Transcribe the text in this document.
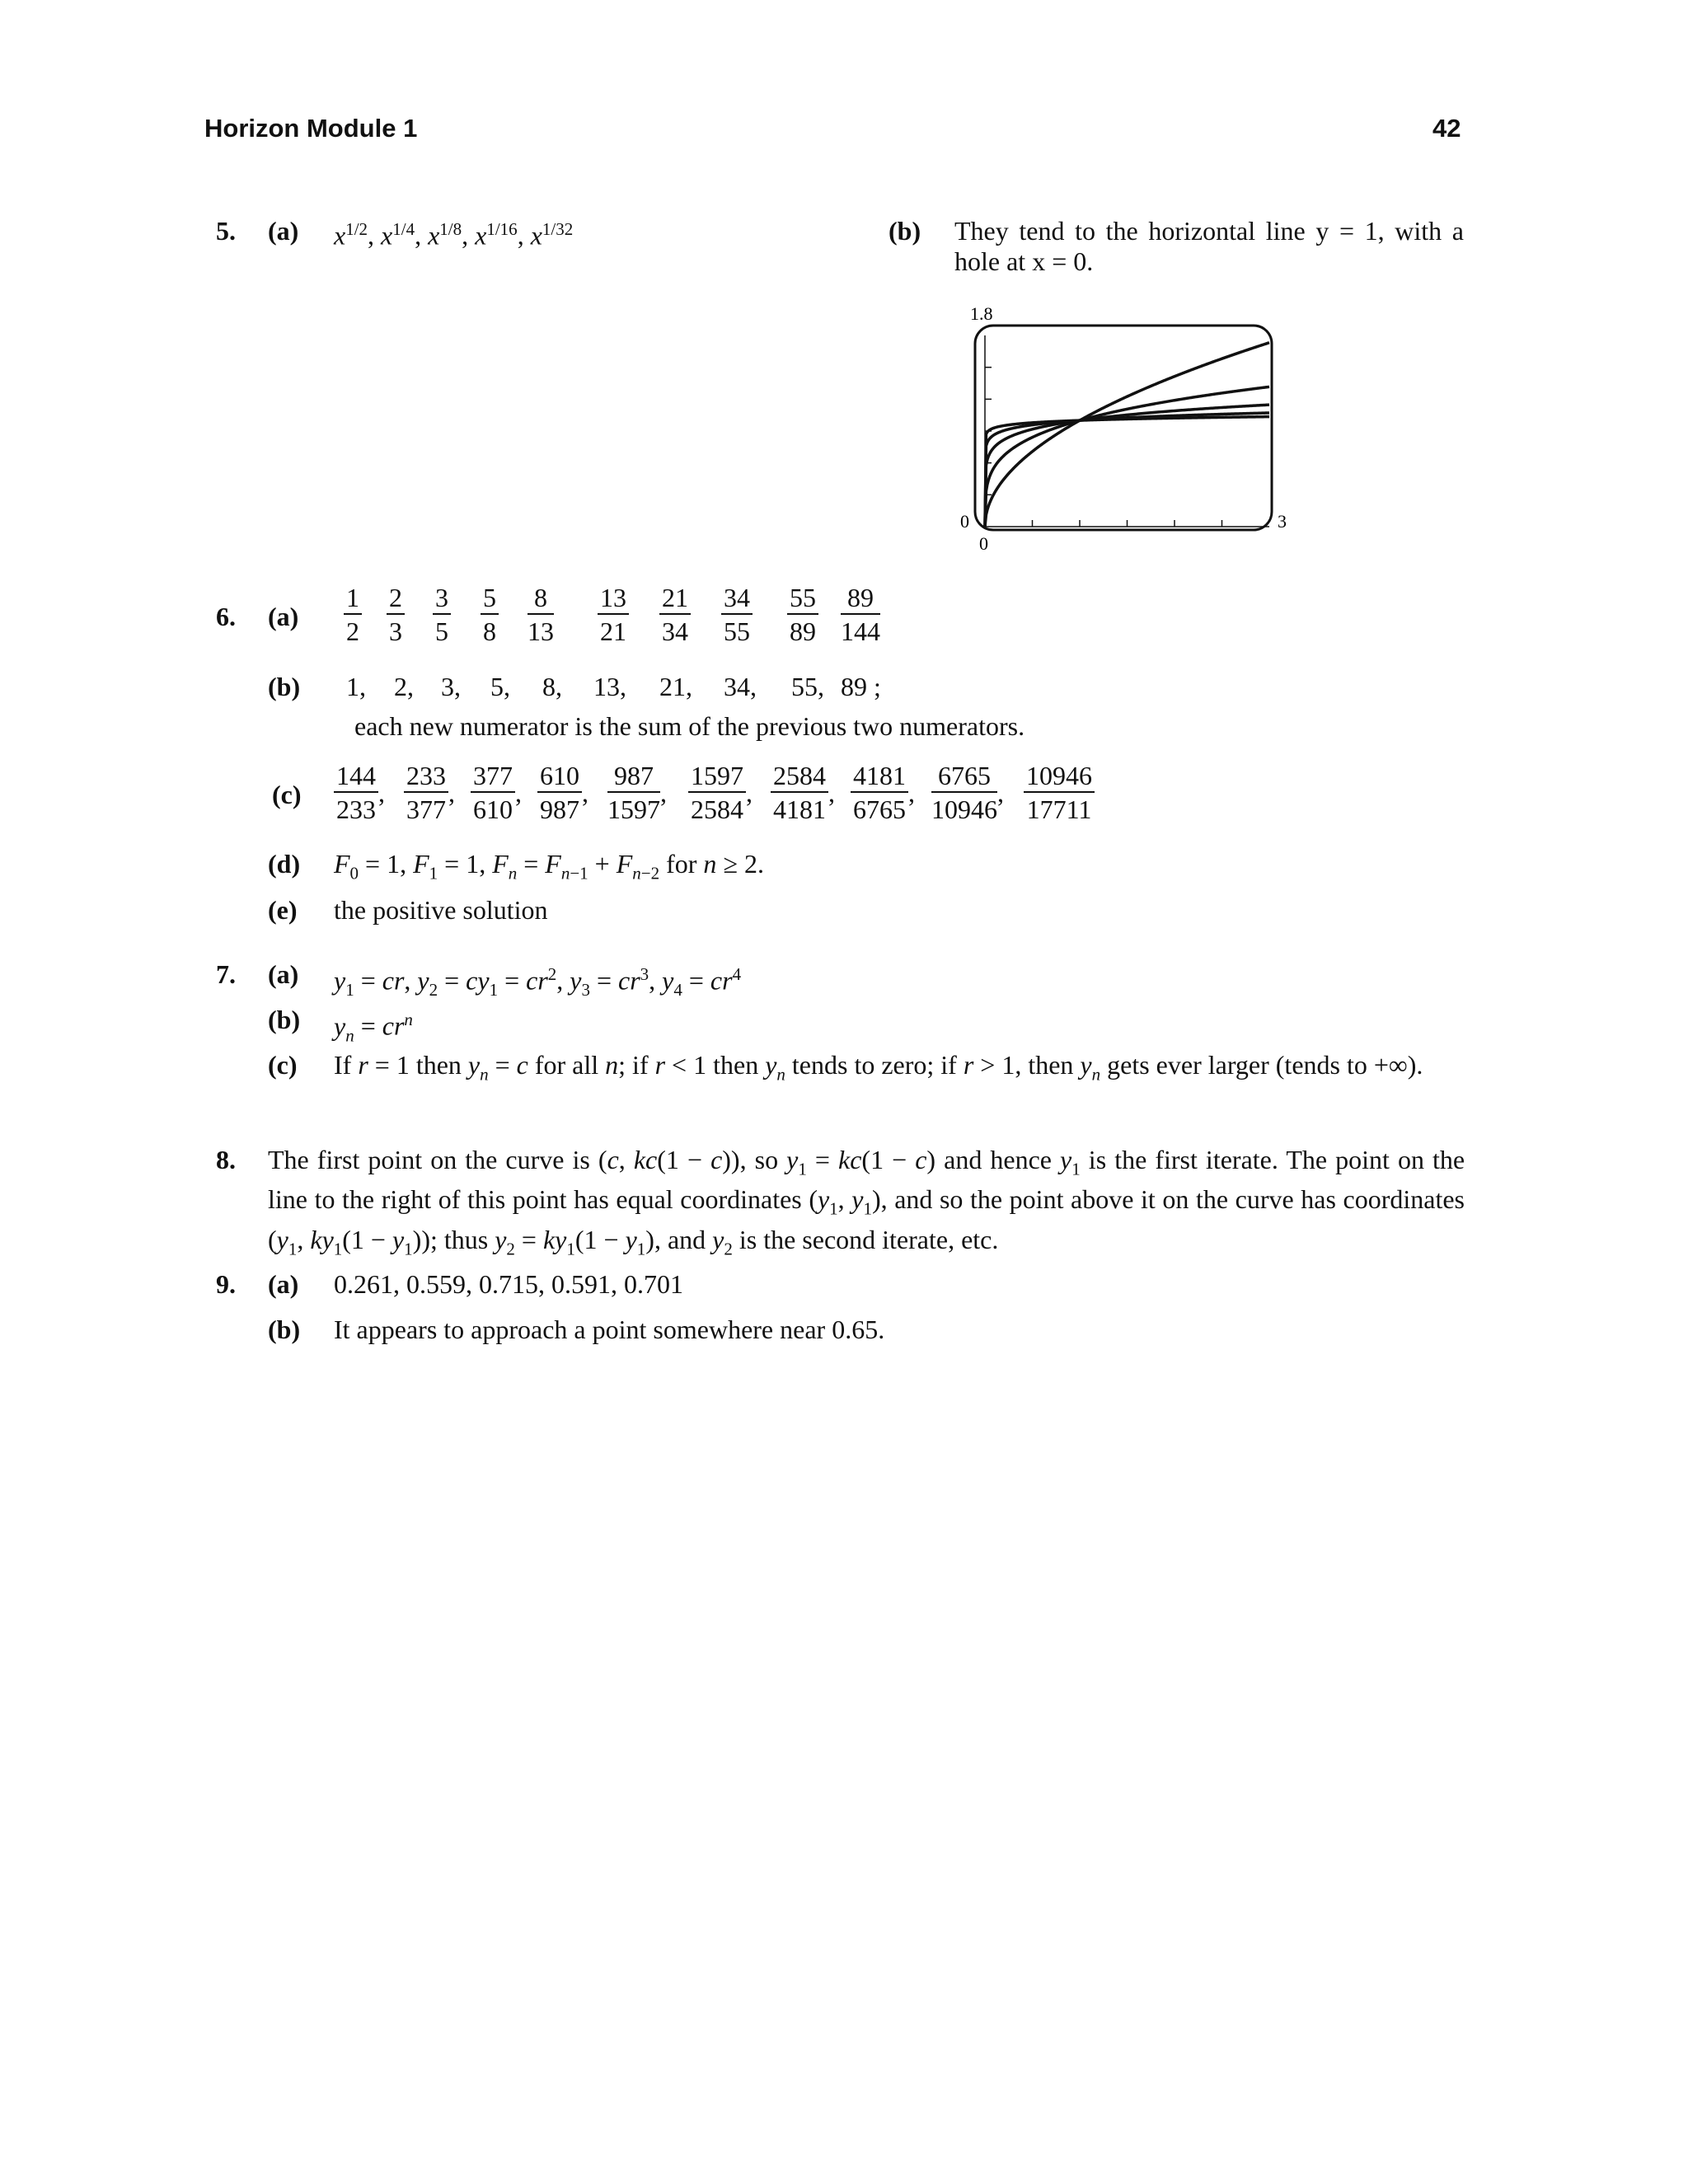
Horizon Module 1	42
5. (a) $x^{1/2}$, $x^{1/4}$, $x^{1/8}$, $x^{1/16}$, $x^{1/32}$	(b) They tend to the horizontal line y = 1, with a hole at x = 0.
1.8
0
0
3
6. $(a) \frac{1}{2} \frac{2}{3} \frac{3}{5} \frac{5}{8} \frac{8}{13} \frac{13}{21} \frac{21}{34} \frac{34}{55} \frac{55}{89} \frac{89}{144}$
(b) 1, 2, 3, 5, 8, 13, 21, 34, 55, 89 ;
each new numerator is the sum of the previous two numerators.
$(c) \frac{144}{233}$ , $\frac{233}{377}$ , $\frac{377}{610}$ , $\frac{610}{987}$ , $\frac{987}{1597}$ , $\frac{1597}{2584}$ , $\frac{2584}{4181}$ , $\frac{4181}{6765}$ , $\frac{6765}{10946}$ , $\frac{10946}{17711}$
(d) $F_0 = 1$, $F_1 = 1$, $F_n = F_{n-1} + F_{n-2}$ for n ≥ 2.
(e) the positive solution
7. (a) $y_1$ = cr, $y_2 = cy_1 = cr^2$, $y_3 = cr^3$, $y_4 = cr^4$
(b) $y_n = cr^n$
(c) If r = 1 then $y_n = c$ for all n; if r < 1 then $y_n$ tends to zero; if r > 1, then $y_n$ gets ever larger (tends to +∞).
8. The first point on the curve is (c, kc(1 − c)), so $y_1 = kc(1 - c)$ and hence $y_1$ is the first iterate. The point on the line to the right of this point has equal coordinates ($y_1$, $y_1$), and so the point above it on the curve has coordinates ($y_1$, $ky_1(1 - y_1)$); thus $y_2 = ky_1(1 - y_1)$, and $y_2$ is the second iterate, etc.
9. (a) 0.261, 0.559, 0.715, 0.591, 0.701
(b) It appears to approach a point somewhere near 0.65.
